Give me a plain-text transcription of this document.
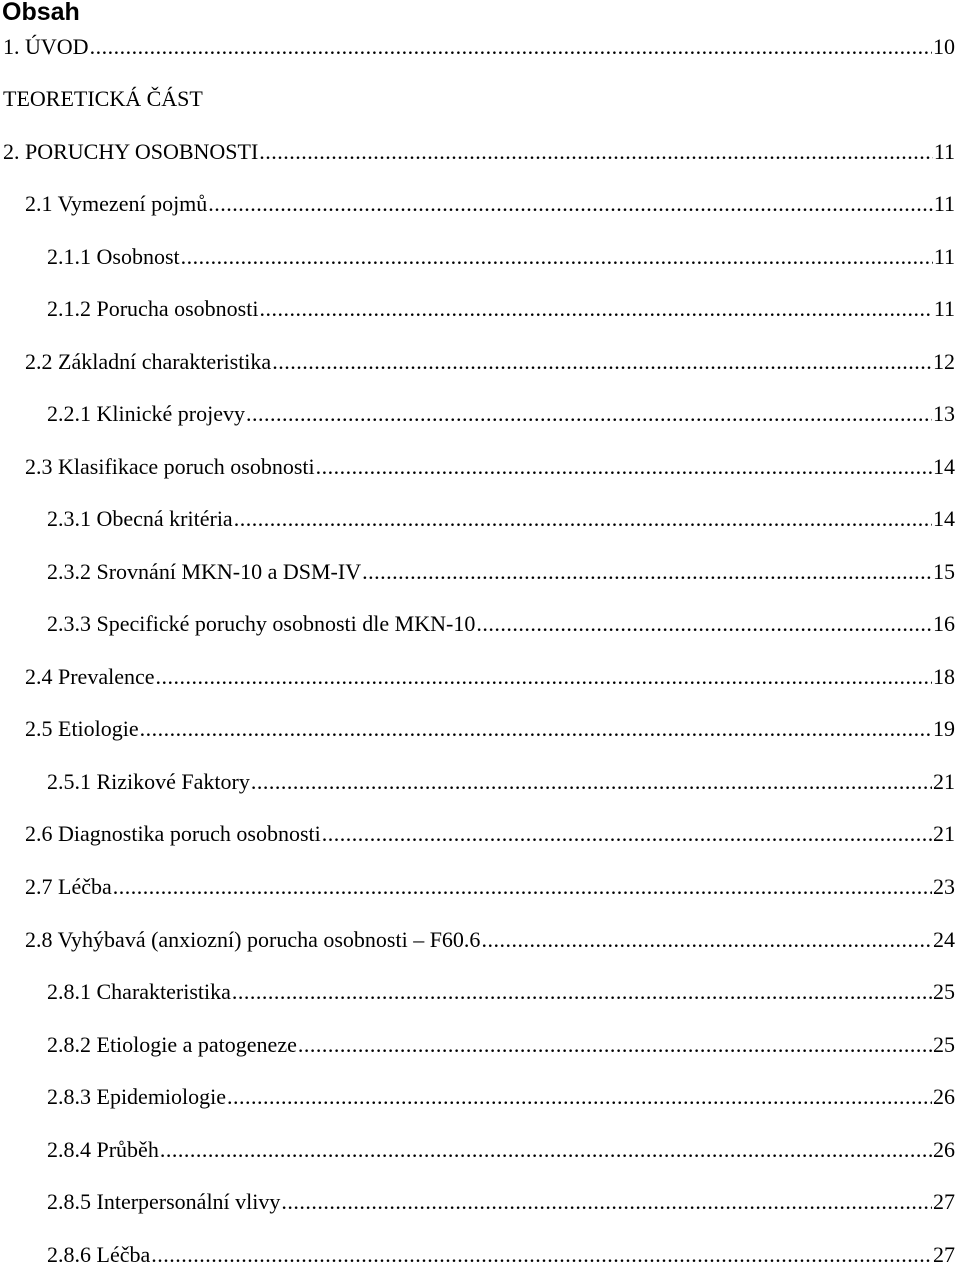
Obsah
TEORETICKÁ ČÁST
1. ÚVOD .....	10
2. PORUCHY OSOBNOSTI .....	11
2.1 Vymezení pojmů .....	11
2.1.1 Osobnost .....	11
2.1.2 Porucha osobnosti .....	11
2.2 Základní charakteristika .....	12
2.2.1 Klinické projevy .....	13
2.3 Klasifikace poruch osobnosti .....	14
2.3.1 Obecná kritéria .....	14
2.3.2 Srovnání MKN-10 a DSM-IV .....	15
2.3.3 Specifické poruchy osobnosti dle MKN-10 .....	16
2.4 Prevalence .....	18
2.5 Etiologie .....	19
2.5.1 Rizikové Faktory .....	21
2.6 Diagnostika poruch osobnosti .....	21
2.7 Léčba .....	23
2.8 Vyhýbavá (anxiozní) porucha osobnosti – F60.6 .....	24
2.8.1 Charakteristika .....	25
2.8.2 Etiologie a patogeneze .....	25
2.8.3 Epidemiologie .....	26
2.8.4 Průběh .....	26
2.8.5 Interpersonální vlivy .....	27
2.8.6 Léčba .....	27
